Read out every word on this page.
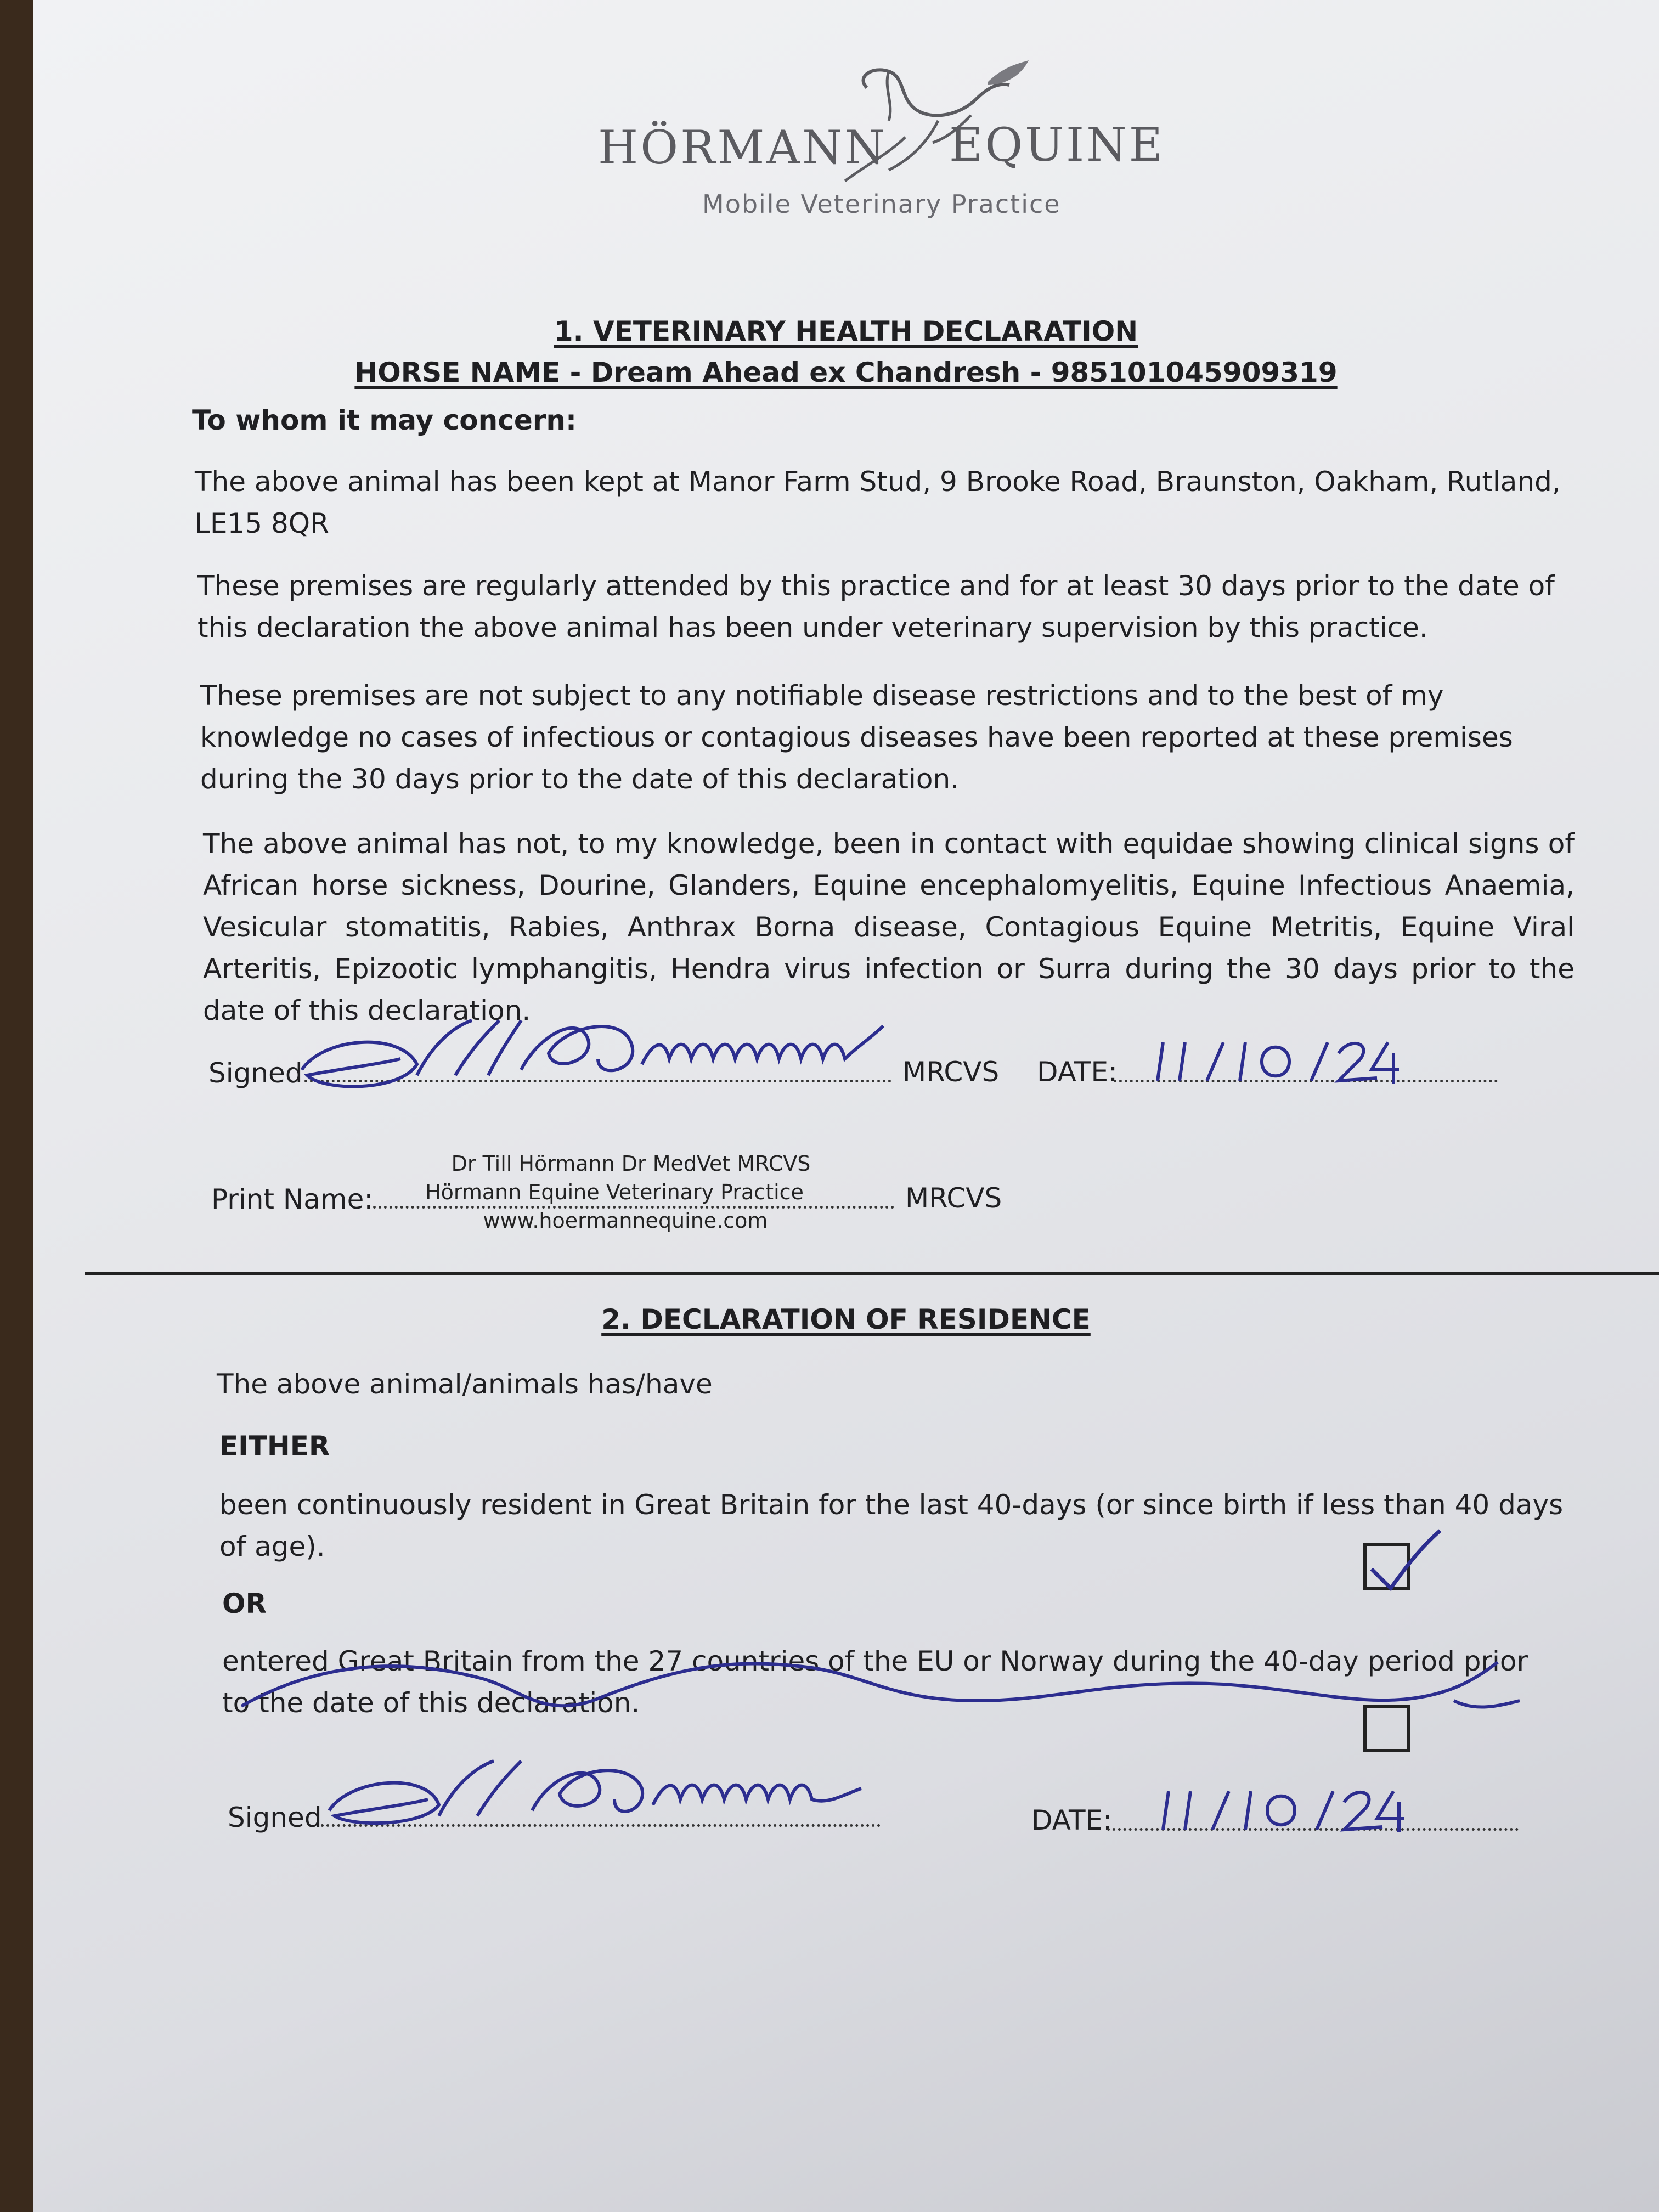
HÖRMANN EQUINE
Mobile Veterinary Practice
1. VETERINARY HEALTH DECLARATION
HORSE NAME - Dream Ahead ex Chandresh - 985101045909319
To whom it may concern:
The above animal has been kept at Manor Farm Stud, 9 Brooke Road, Braunston, Oakham, Rutland, LE15 8QR
These premises are regularly attended by this practice and for at least 30 days prior to the date of this declaration the above animal has been under veterinary supervision by this practice.
These premises are not subject to any notifiable disease restrictions and to the best of my knowledge no cases of infectious or contagious diseases have been reported at these premises during the 30 days prior to the date of this declaration.
The above animal has not, to my knowledge, been in contact with equidae showing clinical signs of African horse sickness, Dourine, Glanders, Equine encephalomyelitis, Equine Infectious Anaemia, Vesicular stomatitis, Rabies, Anthrax Borna disease, Contagious Equine Metritis, Equine Viral Arteritis, Epizootic lymphangitis, Hendra virus infection or Surra during the 30 days prior to the date of this declaration.
Signed	MRCVS DATE:
Print Name:
Dr Till Hörmann Dr MedVet MRCVS
Hörmann Equine Veterinary Practice
www.hoermannequine.com
MRCVS
2. DECLARATION OF RESIDENCE
The above animal/animals has/have
EITHER
been continuously resident in Great Britain for the last 40-days (or since birth if less than 40 days of age).
OR
entered Great Britain from the 27 countries of the EU or Norway during the 40-day period prior to the date of this declaration.
Signed	DATE:
